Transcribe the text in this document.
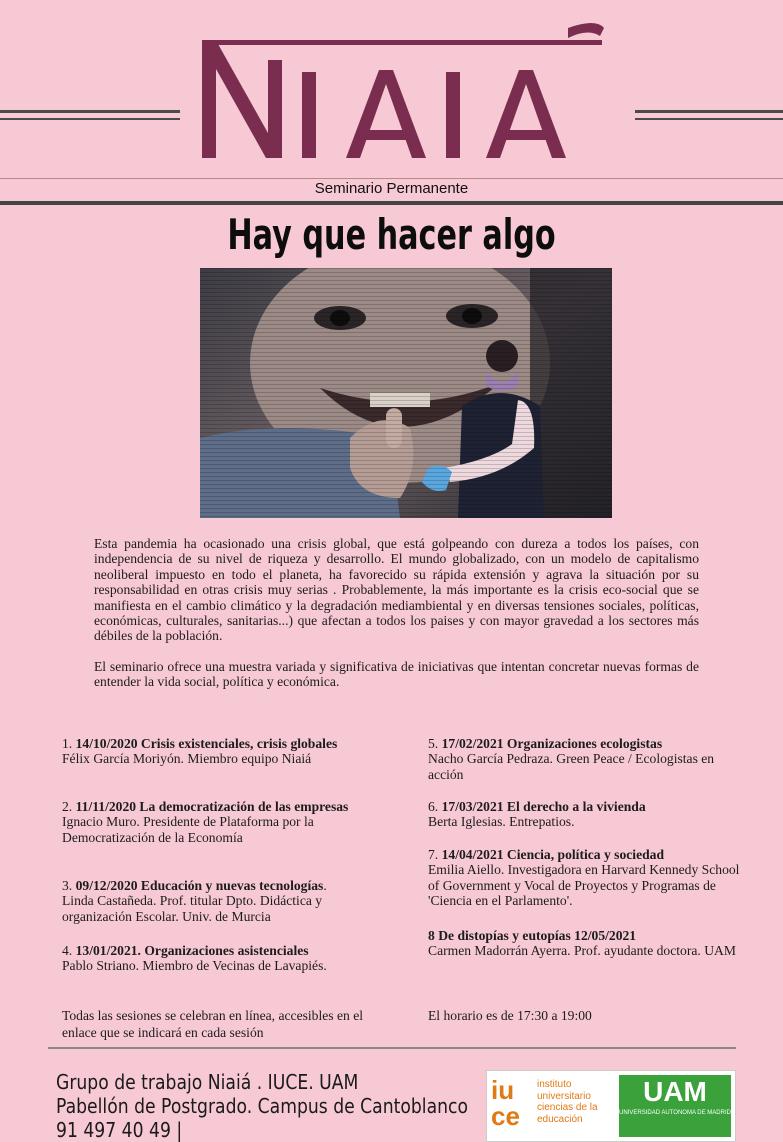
Seminario Permanente
Hay que hacer algo

Esta pandemia ha ocasionado una crisis global, que está golpeando con dureza a todos los países, con independencia de su nivel de riqueza y desarrollo. El mundo globalizado, con un modelo de capitalismo neoliberal impuesto en todo el planeta, ha favorecido su rápida extensión y agrava la situación por su responsabilidad en otras crisis muy serias . Probablemente, la más importante es la crisis eco-social que se manifiesta en el cambio climático y la degradación mediambiental y en diversas tensiones sociales, políticas, económicas, culturales, sanitarias...) que afectan a todos los paises y con mayor gravedad a los sectores más débiles de la población.

El seminario ofrece una muestra variada y significativa de iniciativas que intentan concretar nuevas formas de entender la vida social, política y económica.

1. 14/10/2020 Crisis existenciales, crisis globales
Félix García Moriyón. Miembro equipo Niaiá
2. 11/11/2020 La democratización de las empresas
Ignacio Muro. Presidente de Plataforma por la Democratización de la Economía
3. 09/12/2020 Educación y nuevas tecnologías.
Linda Castañeda. Prof. titular Dpto. Didáctica y organización Escolar. Univ. de Murcia
4. 13/01/2021. Organizaciones asistenciales
Pablo Striano. Miembro de Vecinas de Lavapiés.
5. 17/02/2021 Organizaciones ecologistas
Nacho García Pedraza. Green Peace / Ecologistas en acción
6. 17/03/2021 El derecho a la vivienda
Berta Iglesias. Entrepatios.
7. 14/04/2021 Ciencia, política y sociedad
Emilia Aiello. Investigadora en Harvard Kennedy School of Government y Vocal de Proyectos y Programas de 'Ciencia en el Parlamento'.
8 De distopías y eutopías 12/05/2021
Carmen Madorrán Ayerra. Prof. ayudante doctora. UAM
Todas las sesiones se celebran en línea, accesibles en el enlace que se indicará en cada sesión
El horario es de 17:30 a 19:00
Grupo de trabajo Niaiá . IUCE. UAM
Pabellón de Postgrado. Campus de Cantoblanco
91 497 40 49 |
iu ce
instituto universitario ciencias de la educación
UAM
UNIVERSIDAD AUTONOMA DE MADRID
